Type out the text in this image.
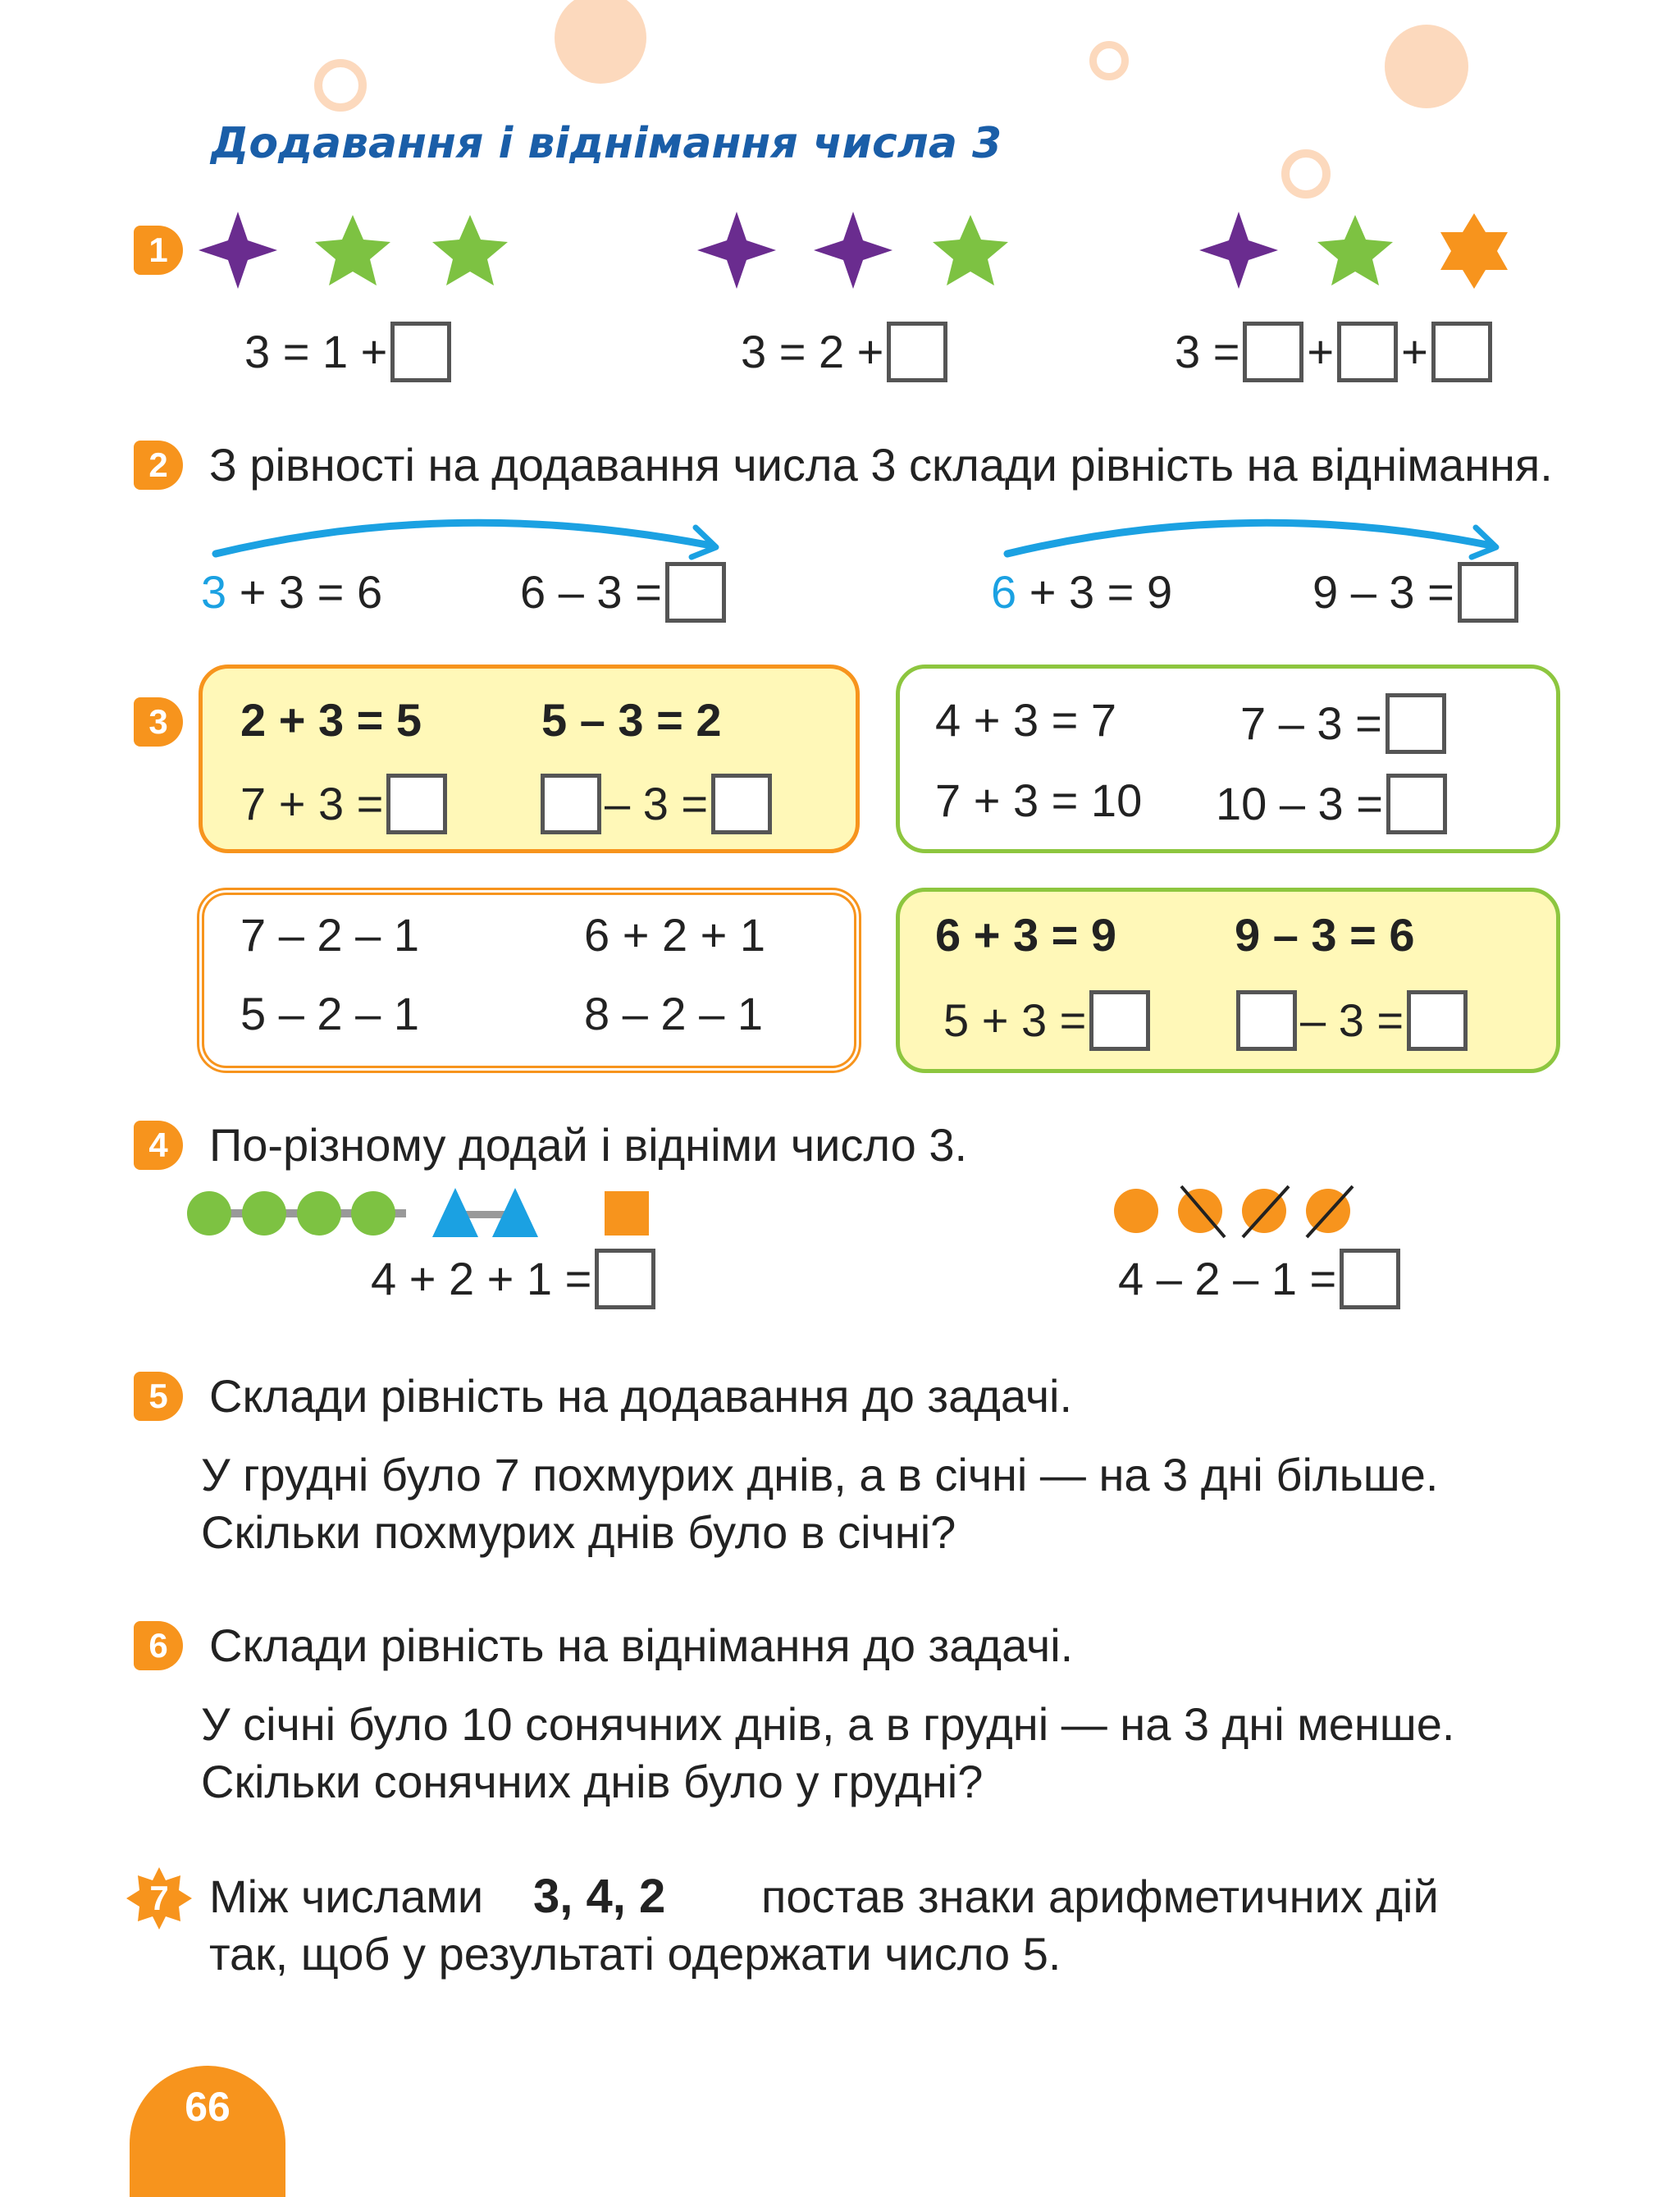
Додавання і віднімання числа 3
1
3 = 1 +	3 = 2 +	3 = + +
2 З рівності на додавання числа 3 склади рівність на віднімання.
3 + 3 = 6	6 – 3 =	6 + 3 = 9	9 – 3 =
3	2 + 3 = 5	5 – 3 = 2
7 + 3 =	– 3 =
4 + 3 = 7	7 – 3 =
7 + 3 = 10 10 – 3 =
7 – 2 – 1	6 + 2 + 1
5 – 2 – 1	8 – 2 – 1
6 + 3 = 9	9 – 3 = 6
5 + 3 =	– 3 =
4 По-різному додай і відніми число 3.
4 + 2 + 1 =	4 – 2 – 1 =
5 Склади рівність на додавання до задачі.
У грудні було 7 похмурих днів, а в січні — на 3 дні більше.
Скільки похмурих днів було в січні?
6 Склади рівність на віднімання до задачі.
У січні було 10 сонячних днів, а в грудні — на 3 дні менше.
Скільки сонячних днів було у грудні?
7 Між числами 3, 4, 2 постав знаки арифметичних дій
так, щоб у результаті одержати число 5.
66
